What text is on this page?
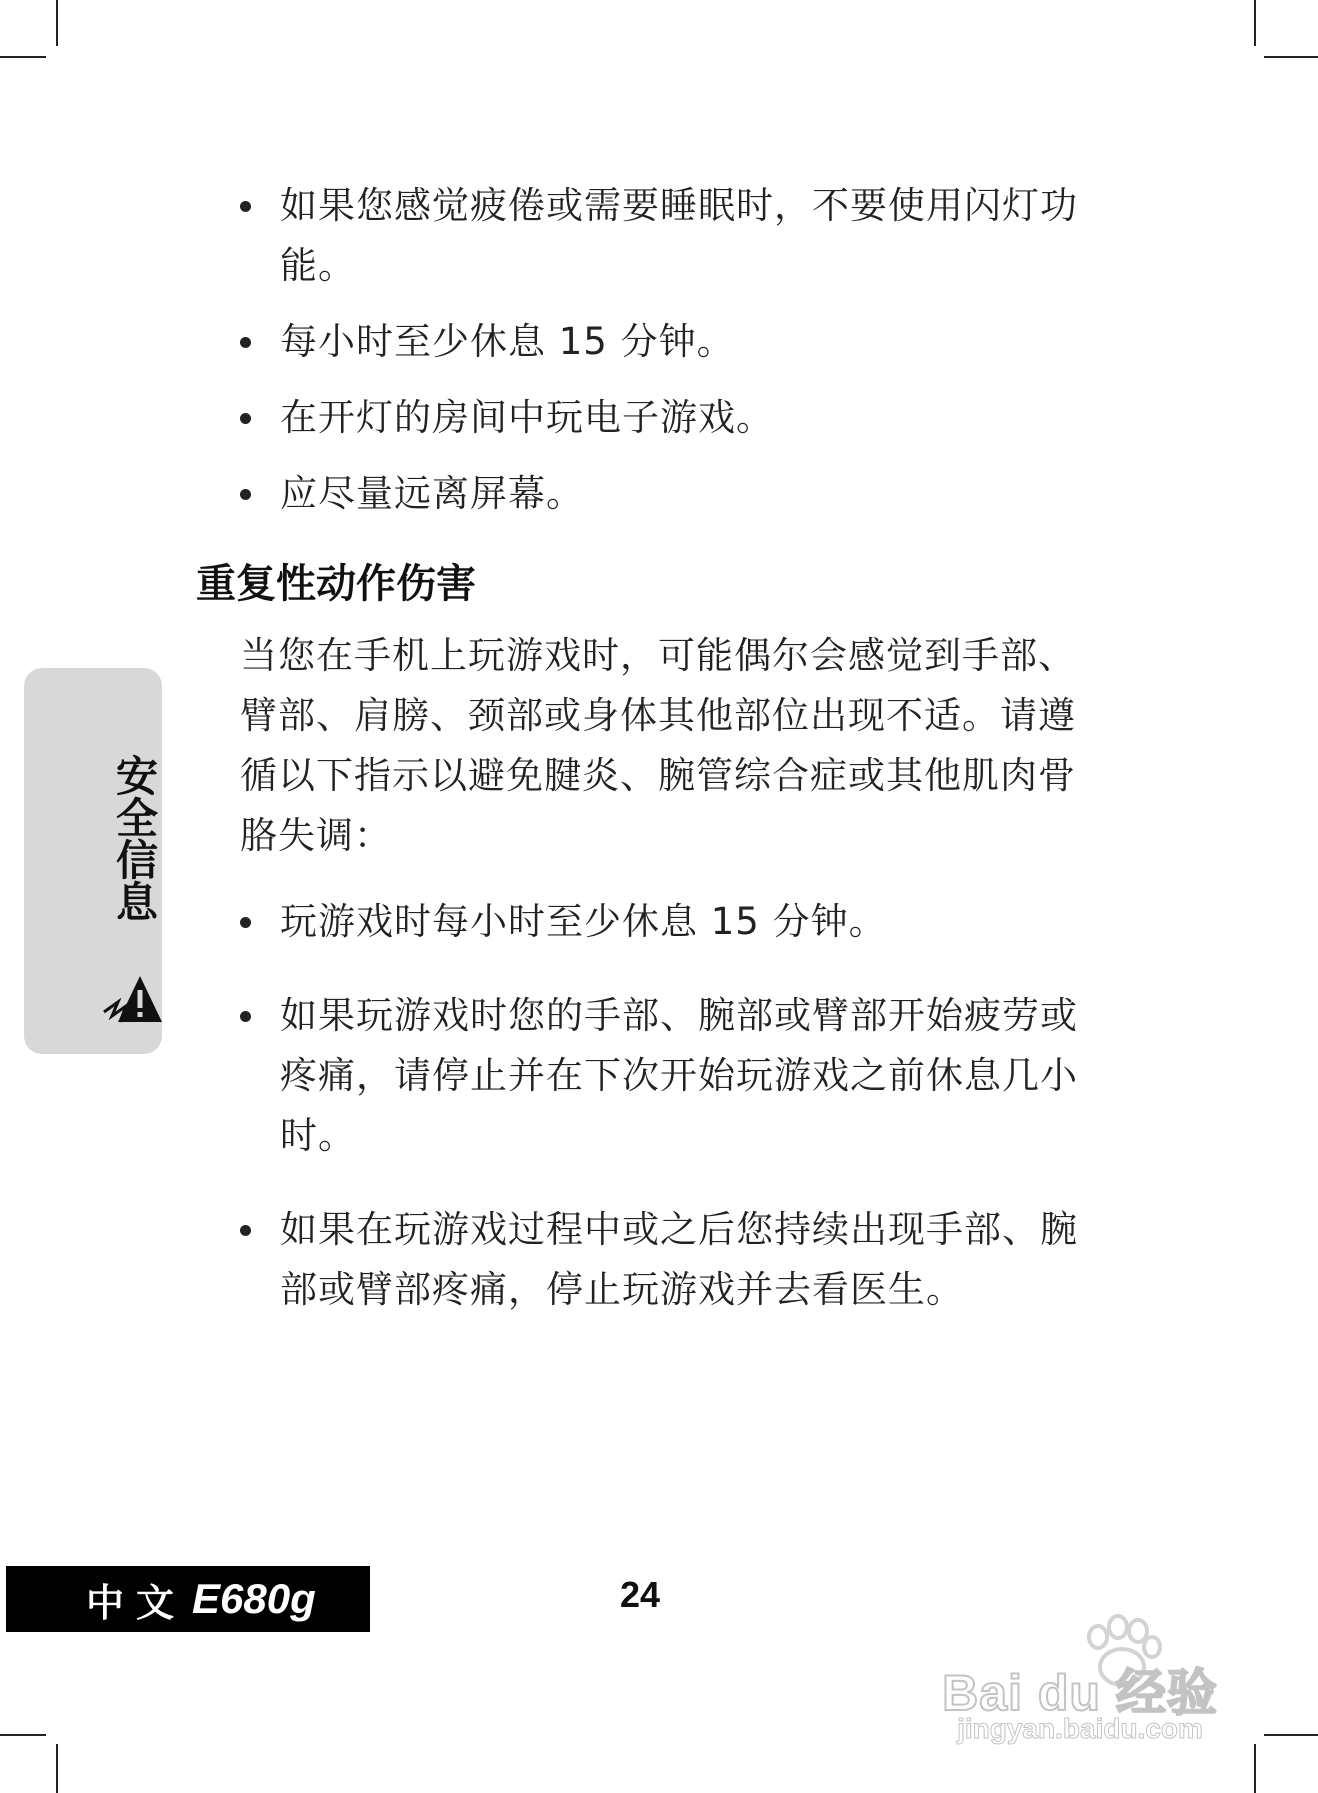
如果您感觉疲倦或需要睡眠时，不要使用闪灯功能。
每小时至少休息 15 分钟。
在开灯的房间中玩电子游戏。
应尽量远离屏幕。
重复性动作伤害

当您在手机上玩游戏时，可能偶尔会感觉到手部、臂部、肩膀、颈部或身体其他部位出现不适。请遵循以下指示以避免腱炎、腕管综合症或其他肌肉骨胳失调：

玩游戏时每小时至少休息 15 分钟。
如果玩游戏时您的手部、腕部或臂部开始疲劳或疼痛，请停止并在下次开始玩游戏之前休息几小时。
如果在玩游戏过程中或之后您持续出现手部、腕部或臂部疼痛，停止玩游戏并去看医生。
安全信息
中文 E680g	24
Bai du 经验
jingyan.baidu.com
